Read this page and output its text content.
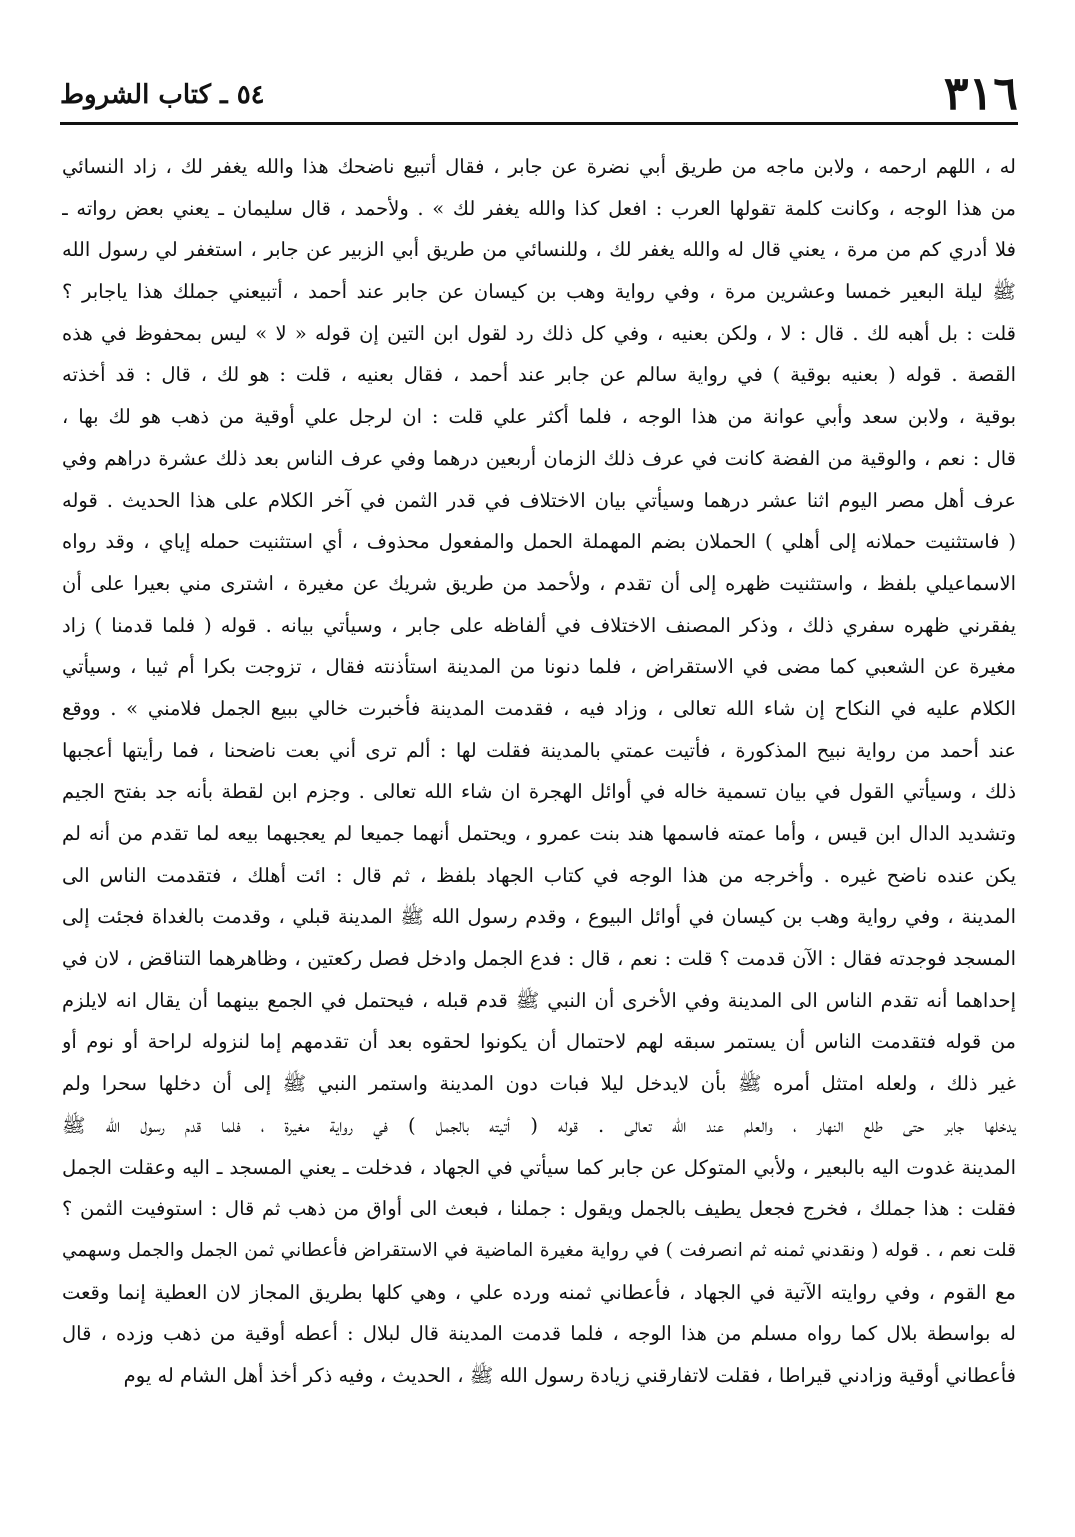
٣١٦
٥٤ ـ كتاب الشروط
له ، اللهم ارحمه ، ولابن ماجه من طريق أبي نضرة عن جابر ، فقال أتبيع ناضحك هذا والله يغفر لك ، زاد النسائي
من هذا الوجه ، وكانت كلمة تقولها العرب : افعل كذا والله يغفر لك » . ولأحمد ، قال سليمان ـ يعني بعض رواته ـ
فلا أدري كم من مرة ، يعني قال له والله يغفر لك ، وللنسائي من طريق أبي الزبير عن جابر ، استغفر لي رسول الله
ﷺ ليلة البعير خمسا وعشرين مرة ، وفي رواية وهب بن كيسان عن جابر عند أحمد ، أتبيعني جملك هذا ياجابر ؟
قلت : بل أهبه لك . قال : لا ، ولكن بعنيه ، وفي كل ذلك رد لقول ابن التين إن قوله « لا » ليس بمحفوظ في هذه
القصة . قوله ( بعنيه بوقية ) في رواية سالم عن جابر عند أحمد ، فقال بعنيه ، قلت : هو لك ، قال : قد أخذته
بوقية ، ولابن سعد وأبي عوانة من هذا الوجه ، فلما أكثر علي قلت : ان لرجل علي أوقية من ذهب هو لك بها ،
قال : نعم ، والوقية من الفضة كانت في عرف ذلك الزمان أربعين درهما وفي عرف الناس بعد ذلك عشرة دراهم وفي
عرف أهل مصر اليوم اثنا عشر درهما وسيأتي بيان الاختلاف في قدر الثمن في آخر الكلام على هذا الحديث . قوله
( فاستثنيت حملانه إلى أهلي ) الحملان بضم المهملة الحمل والمفعول محذوف ، أي استثنيت حمله إياي ، وقد رواه
الاسماعيلي بلفظ ، واستثنيت ظهره إلى أن تقدم ، ولأحمد من طريق شريك عن مغيرة ، اشترى مني بعيرا على أن
يفقرني ظهره سفري ذلك ، وذكر المصنف الاختلاف في ألفاظه على جابر ، وسيأتي بيانه . قوله ( فلما قدمنا ) زاد
مغيرة عن الشعبي كما مضى في الاستقراض ، فلما دنونا من المدينة استأذنته فقال ، تزوجت بكرا أم ثيبا ، وسيأتي
الكلام عليه في النكاح إن شاء الله تعالى ، وزاد فيه ، فقدمت المدينة فأخبرت خالي ببيع الجمل فلامني » . ووقع
عند أحمد من رواية نبيح المذكورة ، فأتيت عمتي بالمدينة فقلت لها : ألم ترى أني بعت ناضحنا ، فما رأيتها أعجبها
ذلك ، وسيأتي القول في بيان تسمية خاله في أوائل الهجرة ان شاء الله تعالى . وجزم ابن لقطة بأنه جد بفتح الجيم
وتشديد الدال ابن قيس ، وأما عمته فاسمها هند بنت عمرو ، ويحتمل أنهما جميعا لم يعجبهما بيعه لما تقدم من أنه لم
يكن عنده ناضح غيره . وأخرجه من هذا الوجه في كتاب الجهاد بلفظ ، ثم قال : ائت أهلك ، فتقدمت الناس الى
المدينة ، وفي رواية وهب بن كيسان في أوائل البيوع ، وقدم رسول الله ﷺ المدينة قبلي ، وقدمت بالغداة فجئت إلى
المسجد فوجدته فقال : الآن قدمت ؟ قلت : نعم ، قال : فدع الجمل وادخل فصل ركعتين ، وظاهرهما التناقض ، لان في
إحداهما أنه تقدم الناس الى المدينة وفي الأخرى أن النبي ﷺ قدم قبله ، فيحتمل في الجمع بينهما أن يقال انه لايلزم
من قوله فتقدمت الناس أن يستمر سبقه لهم لاحتمال أن يكونوا لحقوه بعد أن تقدمهم إما لنزوله لراحة أو نوم أو
غير ذلك ، ولعله امتثل أمره ﷺ بأن لايدخل ليلا فبات دون المدينة واستمر النبي ﷺ إلى أن دخلها سحرا ولم
يدخلها جابر حتى طلع النهار ، والعلم عند الله تعالى . قوله ( أتيته بالجمل ) في رواية مغيرة ، فلما قدم رسول الله ﷺ
المدينة غدوت اليه بالبعير ، ولأبي المتوكل عن جابر كما سيأتي في الجهاد ، فدخلت ـ يعني المسجد ـ اليه وعقلت الجمل
فقلت : هذا جملك ، فخرج فجعل يطيف بالجمل ويقول : جملنا ، فبعث الى أواق من ذهب ثم قال : استوفيت الثمن ؟
قلت نعم ، . قوله ( ونقدني ثمنه ثم انصرفت ) في رواية مغيرة الماضية في الاستقراض فأعطاني ثمن الجمل والجمل وسهمي
مع القوم ، وفي روايته الآتية في الجهاد ، فأعطاني ثمنه ورده علي ، وهي كلها بطريق المجاز لان العطية إنما وقعت
له بواسطة بلال كما رواه مسلم من هذا الوجه ، فلما قدمت المدينة قال لبلال : أعطه أوقية من ذهب وزده ، قال
فأعطاني أوقية وزادني قيراطا ، فقلت لاتفارقني زيادة رسول الله ﷺ ، الحديث ، وفيه ذكر أخذ أهل الشام له يوم
